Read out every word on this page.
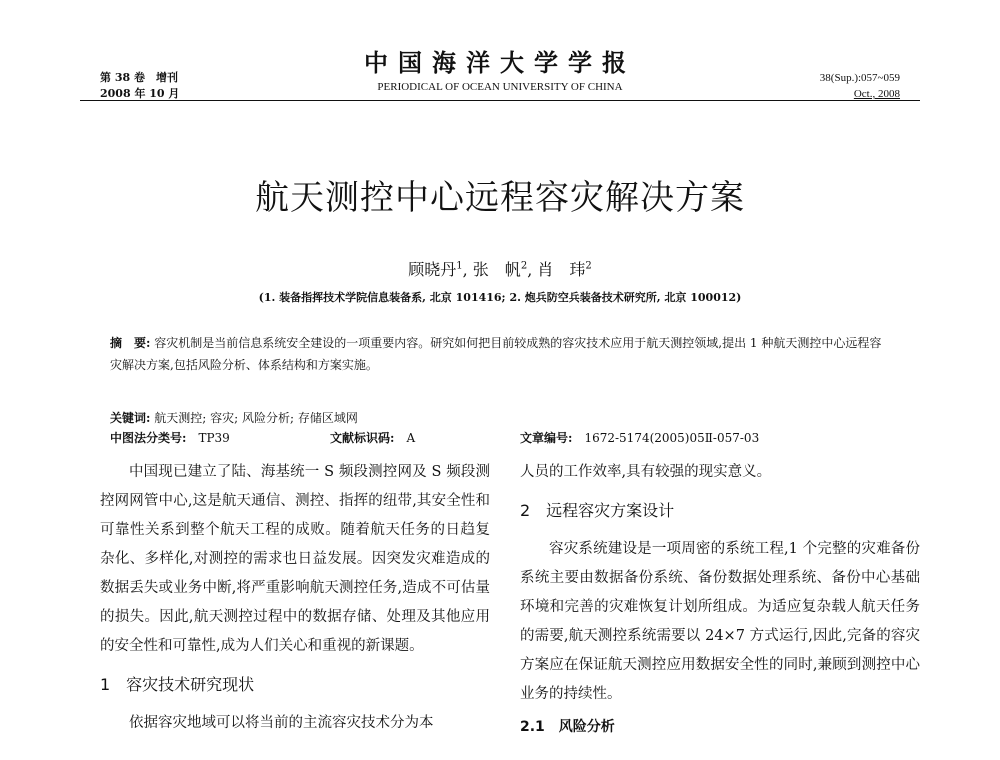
第 38 卷　增刊
2008 年 10 月
中国海洋大学学报
PERIODICAL OF OCEAN UNIVERSITY OF CHINA
38(Sup.):057~059
Oct., 2008
航天测控中心远程容灾解决方案
顾晓丹$^1$, 张　帆$^2$, 肖　玮$^2$
(1. 装备指挥技术学院信息装备系, 北京 101416; 2. 炮兵防空兵装备技术研究所, 北京 100012)
摘　要: 容灾机制是当前信息系统安全建设的一项重要内容。研究如何把目前较成熟的容灾技术应用于航天测控领域,提出 1 种航天测控中心远程容灾解决方案,包括风险分析、体系结构和方案实施。
关键词: 航天测控; 容灾; 风险分析; 存储区域网
中图法分类号:　 TP39	文献标识码:　 A	文章编号:　 1672-5174(2005)05Ⅱ-057-03

中国现已建立了陆、海基统一 S 频段测控网及 S 频段测控网网管中心,这是航天通信、测控、指挥的纽带,其安全性和可靠性关系到整个航天工程的成败。随着航天任务的日趋复杂化、多样化,对测控的需求也日益发展。因突发灾难造成的数据丢失或业务中断,将严重影响航天测控任务,造成不可估量的损失。因此,航天测控过程中的数据存储、处理及其他应用的安全性和可靠性,成为人们关心和重视的新课题。

1　容灾技术研究现状

依据容灾地域可以将当前的主流容灾技术分为本

人员的工作效率,具有较强的现实意义。

2　远程容灾方案设计

容灾系统建设是一项周密的系统工程,1 个完整的灾难备份系统主要由数据备份系统、备份数据处理系统、备份中心基础环境和完善的灾难恢复计划所组成。为适应复杂载人航天任务的需要,航天测控系统需要以 24×7 方式运行,因此,完备的容灾方案应在保证航天测控应用数据安全性的同时,兼顾到测控中心业务的持续性。

2.1　风险分析
